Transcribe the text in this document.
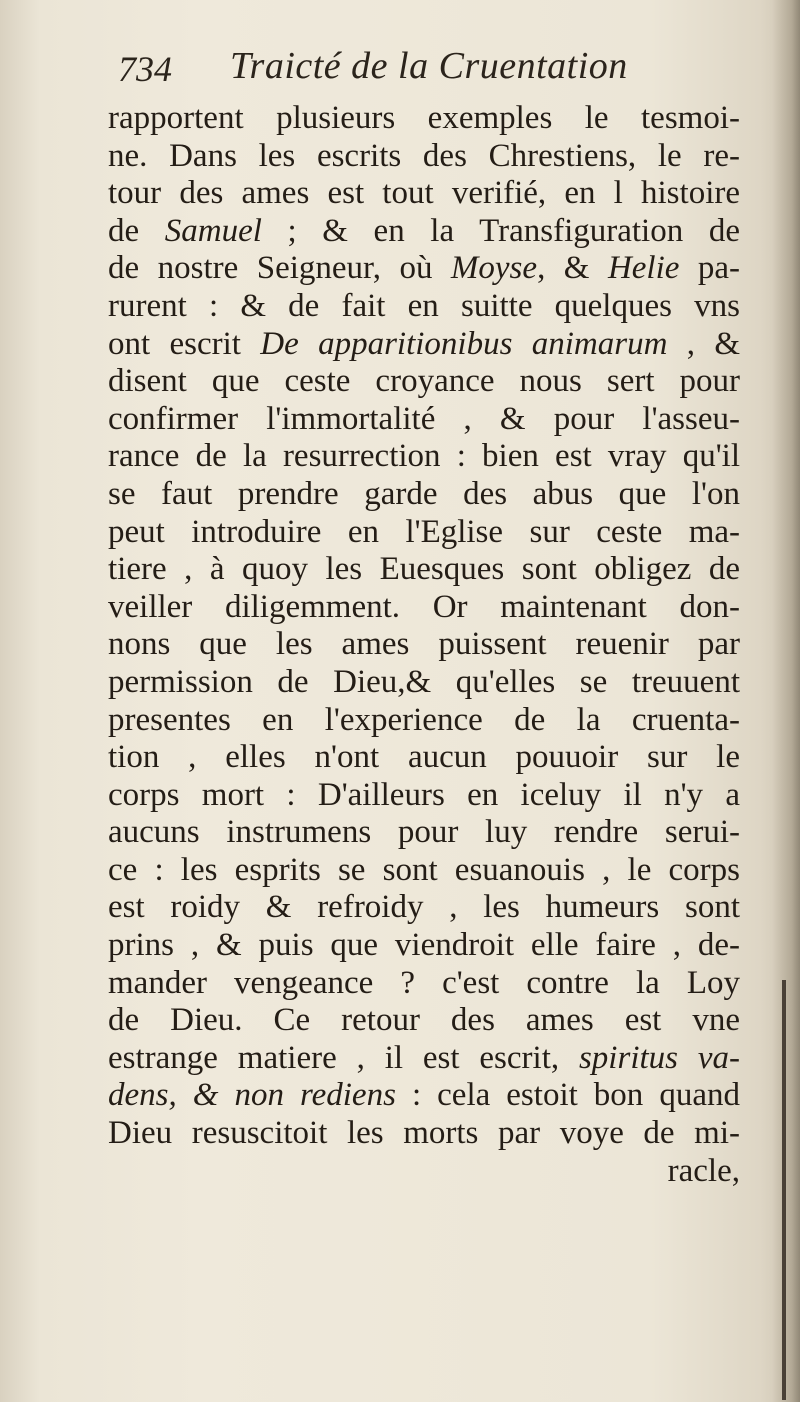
734 Traicté de la Cruentation
rapportent plusieurs exemples le tesmoi-
ne. Dans les escrits des Chrestiens, le re-
tour des ames est tout verifié, en l histoire
de Samuel ; & en la Transfiguration de
de nostre Seigneur, où Moyse, & Helie pa-
rurent : & de fait en suitte quelques vns
ont escrit De apparitionibus animarum , &
disent que ceste croyance nous sert pour
confirmer l'immortalité , & pour l'asseu-
rance de la resurrection : bien est vray qu'il
se faut prendre garde des abus que l'on
peut introduire en l'Eglise sur ceste ma-
tiere , à quoy les Euesques sont obligez de
veiller diligemment. Or maintenant don-
nons que les ames puissent reuenir par
permission de Dieu,& qu'elles se treuuent
presentes en l'experience de la cruenta-
tion , elles n'ont aucun pouuoir sur le
corps mort : D'ailleurs en iceluy il n'y a
aucuns instrumens pour luy rendre serui-
ce : les esprits se sont esuanouis , le corps
est roidy & refroidy , les humeurs sont
prins , & puis que viendroit elle faire , de-
mander vengeance ? c'est contre la Loy
de Dieu. Ce retour des ames est vne
estrange matiere , il est escrit, spiritus va-
dens, & non rediens : cela estoit bon quand
Dieu resuscitoit les morts par voye de mi-
racle,
